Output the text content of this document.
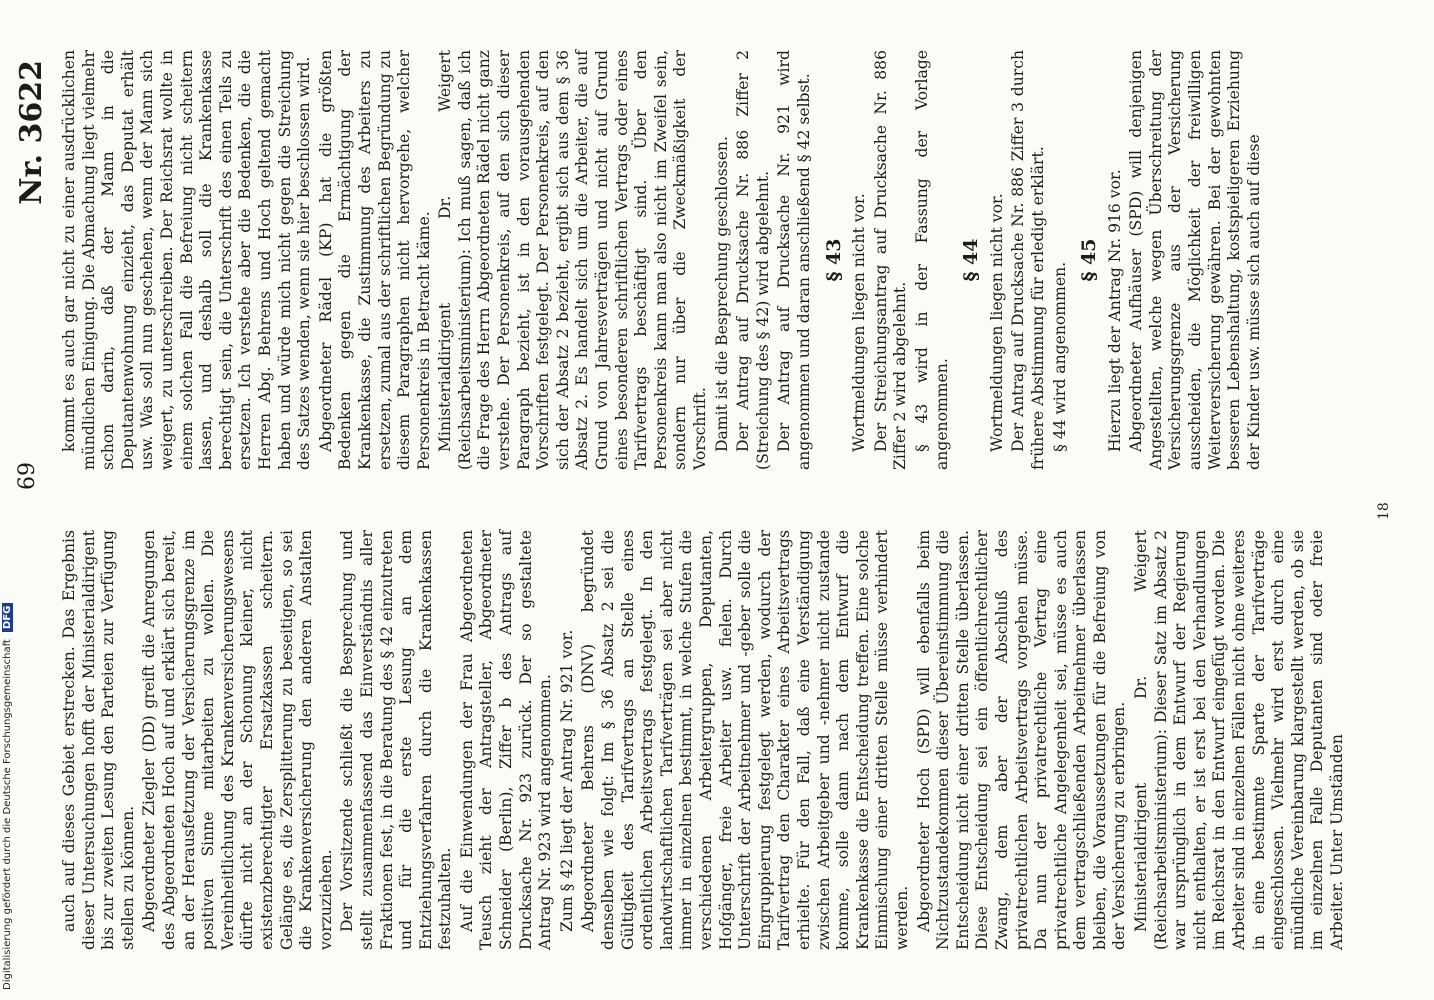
69
Nr. 3622

auch auf dieses Gebiet erstrecken. Das Ergebnis dieser Untersuchungen hofft der Ministerialdirigent bis zur zweiten Lesung den Parteien zur Verfügung stellen zu können. Abgeordneter Ziegler (DD) greift die Anregungen des Abgeordneten Hoch auf und erklärt sich bereit, an der Herausfetzung der Versicherungsgrenze im positiven Sinne mitarbeiten zu wollen. Die Vereinheitlichung des Krankenversicherungswesens dürfte nicht an der Schonung kleiner, nicht existenzberechtigter Ersatzkassen scheitern. Gelänge es, die Zersplitterung zu beseitigen, so sei die Krankenversicherung den anderen Anstalten vorzuziehen. Der Vorsitzende schließt die Besprechung und stellt zusammenfassend das Einverständnis aller Fraktionen fest, in die Beratung des § 42 einzutreten und für die erste Lesung an dem Entziehungsverfahren durch die Krankenkassen festzuhalten. Auf die Einwendungen der Frau Abgeordneten Teusch zieht der Antragsteller, Abgeordneter Schneider (Berlin), Ziffer b des Antrags auf Drucksache Nr. 923 zurück. Der so gestaltete Antrag Nr. 923 wird angenommen. Zum § 42 liegt der Antrag Nr. 921 vor. Abgeordneter Behrens (DNV) begründet denselben wie folgt: Im § 36 Absatz 2 sei die Gültigkeit des Tarifvertrags an Stelle eines ordentlichen Arbeitsvertrags festgelegt. In den landwirtschaftlichen Tarifverträgen sei aber nicht immer in einzelnen bestimmt, in welche Stufen die verschiedenen Arbeitergruppen, Deputanten, Hofgänger, freie Arbeiter usw. fielen. Durch Unterschrift der Arbeitnehmer und -geber solle die Eingruppierung festgelegt werden, wodurch der Tarifvertrag den Charakter eines Arbeitsvertrags erhielte. Für den Fall, daß eine Verständigung zwischen Arbeitgeber und -nehmer nicht zustande komme, solle dann nach dem Entwurf die Krankenkasse die Entscheidung treffen. Eine solche Einmischung einer dritten Stelle müsse verhindert werden. Abgeordneter Hoch (SPD) will ebenfalls beim Nichtzustandekommen dieser Übereinstimmung die Entscheidung nicht einer dritten Stelle überlassen. Diese Entscheidung sei ein öffentlichrechtlicher Zwang, dem aber der Abschluß des privatrechtlichen Arbeitsvertrags vorgehen müsse. Da nun der privatrechtliche Vertrag eine privatrechtliche Angelegenheit sei, müsse es auch dem vertragschließenden Arbeitnehmer überlassen bleiben, die Voraussetzungen für die Befreiung von der Versicherung zu erbringen. Ministerialdirigent Dr. Weigert (Reichsarbeitsministerium): Dieser Satz im Absatz 2 war ursprünglich in dem Entwurf der Regierung nicht enthalten, er ist erst bei den Verhandlungen im Reichsrat in den Entwurf eingefügt worden. Die Arbeiter sind in einzelnen Fällen nicht ohne weiteres in eine bestimmte Sparte der Tarifverträge eingeschlossen. Vielmehr wird erst durch eine mündliche Vereinbarung klargestellt werden, ob sie im einzelnen Falle Deputanten sind oder freie Arbeiter. Unter Umständen

kommt es auch gar nicht zu einer ausdrücklichen mündlichen Einigung. Die Abmachung liegt vielmehr schon darin, daß der Mann in die Deputantenwohnung einzieht, das Deputat erhält usw. Was soll nun geschehen, wenn der Mann sich weigert, zu unterschreiben. Der Reichsrat wollte in einem solchen Fall die Befreiung nicht scheitern lassen, und deshalb soll die Krankenkasse berechtigt sein, die Unterschrift des einen Teils zu ersetzen. Ich verstehe aber die Bedenken, die die Herren Abg. Behrens und Hoch geltend gemacht haben und würde mich nicht gegen die Streichung des Satzes wenden, wenn sie hier beschlossen wird. Abgeordneter Rädel (KP) hat die größten Bedenken gegen die Ermächtigung der Krankenkasse, die Zustimmung des Arbeiters zu ersetzen, zumal aus der schriftlichen Begründung zu diesem Paragraphen nicht hervorgehe, welcher Personenkreis in Betracht käme. Ministerialdirigent Dr. Weigert (Reichsarbeitsministerium): Ich muß sagen, daß ich die Frage des Herrn Abgeordneten Rädel nicht ganz verstehe. Der Personenkreis, auf den sich dieser Paragraph bezieht, ist in den vorausgehenden Vorschriften festgelegt. Der Personenkreis, auf den sich der Absatz 2 bezieht, ergibt sich aus dem § 36 Absatz 2. Es handelt sich um die Arbeiter, die auf Grund von Jahresverträgen und nicht auf Grund eines besonderen schriftlichen Vertrags oder eines Tarifvertrags beschäftigt sind. Über den Personenkreis kann man also nicht im Zweifel sein, sondern nur über die Zweckmäßigkeit der Vorschrift. Damit ist die Besprechung geschlossen. Der Antrag auf Drucksache Nr. 886 Ziffer 2 (Streichung des § 42) wird abgelehnt. Der Antrag auf Drucksache Nr. 921 wird angenommen und daran anschließend § 42 selbst. § 43 Wortmeldungen liegen nicht vor. Der Streichungsantrag auf Drucksache Nr. 886 Ziffer 2 wird abgelehnt. § 43 wird in der Fassung der Vorlage angenommen.

§ 44 Wortmeldungen liegen nicht vor. Der Antrag auf Drucksache Nr. 886 Ziffer 3 durch frühere Abstimmung für erledigt erklärt. § 44 wird angenommen.

§ 45 Hierzu liegt der Antrag Nr. 916 vor. Abgeordneter Aufhäuser (SPD) will denjenigen Angestellten, welche wegen Überschreitung der Versicherungsgrenze aus der Versicherung ausscheiden, die Möglichkeit der freiwilligen Weiterversicherung gewähren. Bei der gewohnten besseren Lebenshaltung, kostspieligeren Erziehung der Kinder usw. müsse sich auch auf diese

18
Digitalisierung gefördert durch die Deutsche Forschungsgemeinschaft DFG
